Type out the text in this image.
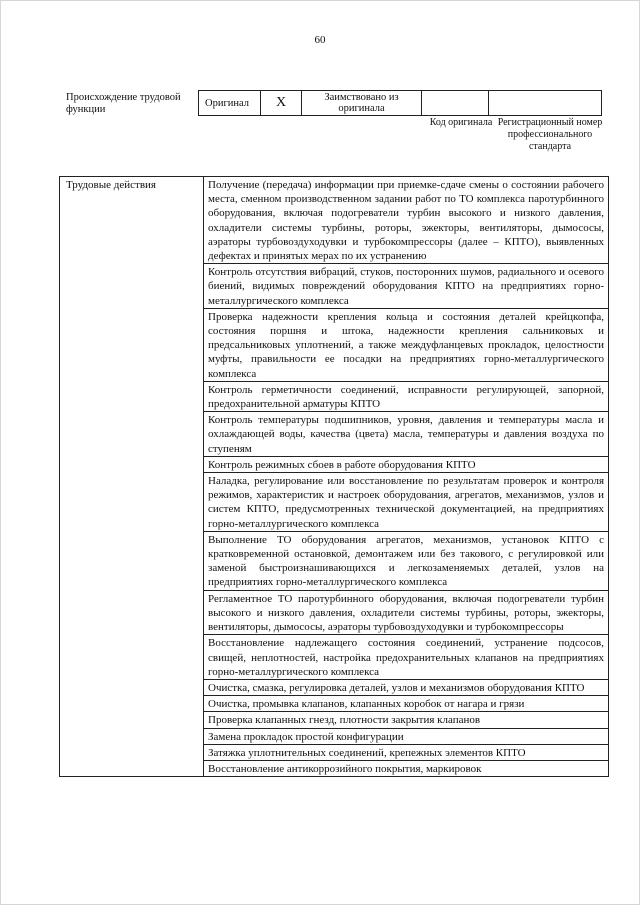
60
Происхождение трудовой функции
Оригинал	X	Заимствовано из оригинала		
Код оригинала Регистрационный номер профессионального стандарта
Трудовые действия	Получение (передача) информации при приемке-сдаче смены о состоянии рабочего места, сменном производственном задании работ по ТО комплекса паротурбинного оборудования, включая подогреватели турбин высокого и низкого давления, охладители системы турбины, роторы, эжекторы, вентиляторы, дымососы, аэраторы турбовоздуходувки и турбокомпрессоры (далее – КПТО), выявленных дефектах и принятых мерах по их устранению
Контроль отсутствия вибраций, стуков, посторонних шумов, радиального и осевого биений, видимых повреждений оборудования КПТО на предприятиях горно-металлургического комплекса
Проверка надежности крепления кольца и состояния деталей крейцкопфа, состояния поршня и штока, надежности крепления сальниковых и предсальниковых уплотнений, а также междуфланцевых прокладок, целостности муфты, правильности ее посадки на предприятиях горно-металлургического комплекса
Контроль герметичности соединений, исправности регулирующей, запорной, предохранительной арматуры КПТО
Контроль температуры подшипников, уровня, давления и температуры масла и охлаждающей воды, качества (цвета) масла, температуры и давления воздуха по ступеням
Контроль режимных сбоев в работе оборудования КПТО
Наладка, регулирование или восстановление по результатам проверок и контроля режимов, характеристик и настроек оборудования, агрегатов, механизмов, узлов и систем КПТО, предусмотренных технической документацией, на предприятиях горно-металлургического комплекса
Выполнение ТО оборудования агрегатов, механизмов, установок КПТО с кратковременной остановкой, демонтажем или без такового, с регулировкой или заменой быстроизнашивающихся и легкозаменяемых деталей, узлов на предприятиях горно-металлургического комплекса
Регламентное ТО паротурбинного оборудования, включая подогреватели турбин высокого и низкого давления, охладители системы турбины, роторы, эжекторы, вентиляторы, дымососы, аэраторы турбовоздуходувки и турбокомпрессоры
Восстановление надлежащего состояния соединений, устранение подсосов, свищей, неплотностей, настройка предохранительных клапанов на предприятиях горно-металлургического комплекса
Очистка, смазка, регулировка деталей, узлов и механизмов оборудования КПТО
Очистка, промывка клапанов, клапанных коробок от нагара и грязи
Проверка клапанных гнезд, плотности закрытия клапанов
Замена прокладок простой конфигурации
Затяжка уплотнительных соединений, крепежных элементов КПТО
Восстановление антикоррозийного покрытия, маркировок
